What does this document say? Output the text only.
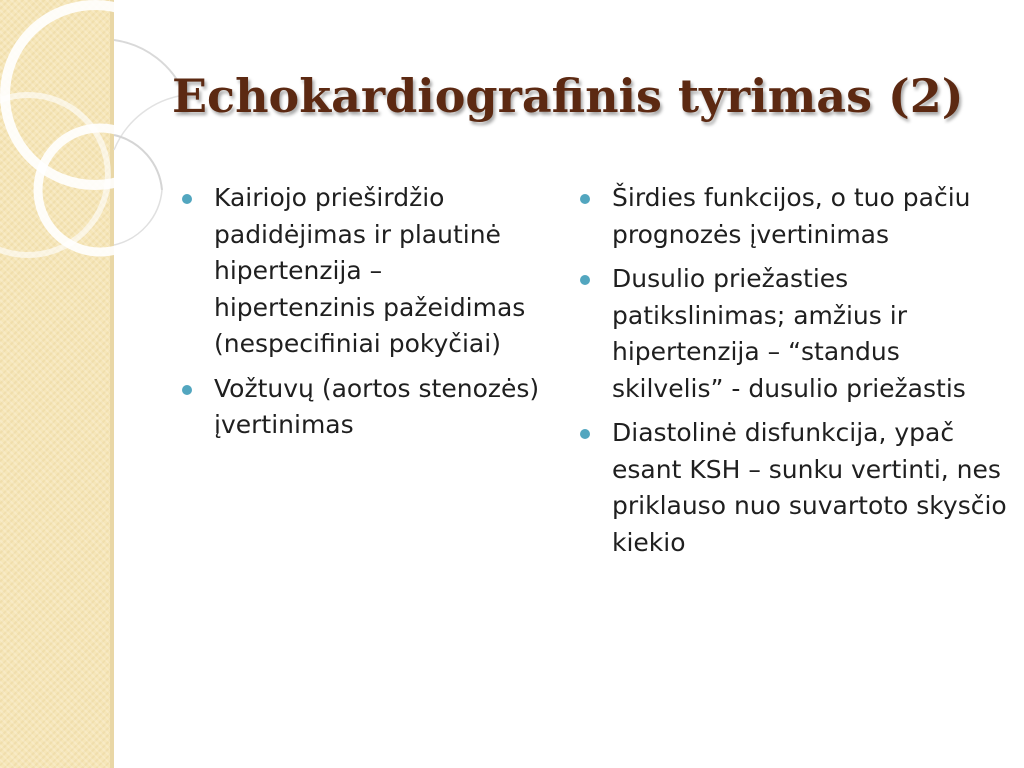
Echokardiografinis tyrimas (2)
Kairiojo prieširdžio padidėjimas ir plautinė hipertenzija – hipertenzinis pažeidimas (nespecifiniai pokyčiai)
Vožtuvų (aortos stenozės) įvertinimas
Širdies funkcijos, o tuo pačiu prognozės įvertinimas
Dusulio priežasties patikslinimas; amžius ir hipertenzija – “standus skilvelis” - dusulio priežastis
Diastolinė disfunkcija, ypač esant KSH – sunku vertinti, nes priklauso nuo suvartoto skysčio kiekio
